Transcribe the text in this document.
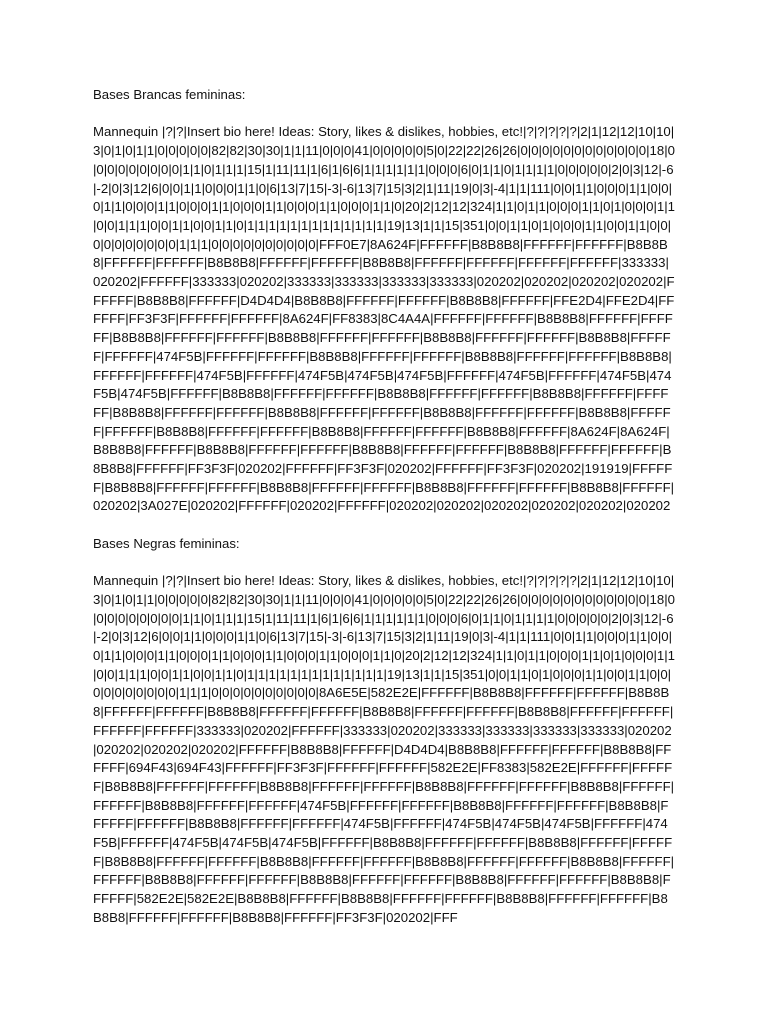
Bases Brancas femininas:

Mannequin |?|?|Insert bio here! Ideas: Story, likes & dislikes, hobbies, etc!|?|?|?|?|?|2|1|12|12|10|10|3|0|1|0|1|1|0|0|0|0|0|82|82|30|30|1|1|11|0|0|0|41|0|0|0|0|0|5|0|22|22|26|26|0|0|0|0|0|0|0|0|0|0|0|0|18|0|0|0|0|0|0|0|0|0|1|1|0|1|1|1|15|1|11|11|1|6|1|6|6|1|1|1|1|1|1|0|0|0|6|0|1|1|0|1|1|1|1|0|0|0|0|0|2|0|3|12|-6|-2|0|3|12|6|0|0|1|1|0|0|0|1|1|0|6|13|7|15|-3|-6|13|7|15|3|2|1|11|19|0|3|-4|1|1|111|0|0|1|1|0|0|0|1|1|0|0|0|1|1|0|0|0|1|1|0|0|0|1|1|0|0|0|1|1|0|0|0|1|1|0|0|0|1|1|0|20|2|12|12|324|1|1|0|1|1|0|0|0|1|1|0|1|0|0|0|1|1|0|0|1|1|1|0|0|1|1|0|0|1|1|0|1|1|1|1|1|1|1|1|1|1|1|1|1|19|13|1|1|15|351|0|0|1|1|0|1|0|0|0|1|1|0|0|1|1|0|0|0|0|0|0|0|0|0|0|1|1|1|0|0|0|0|0|0|0|0|0|0|FFF0E7|8A624F|FFFFFF|B8B8B8|FFFFFF|FFFFFF|B8B8B8|FFFFFF|FFFFFF|B8B8B8|FFFFFF|FFFFFF|B8B8B8|FFFFFF|FFFFFF|FFFFFF|FFFFFF|333333|020202|FFFFFF|333333|020202|333333|333333|333333|333333|020202|020202|020202|020202|FFFFFF|B8B8B8|FFFFFF|D4D4D4|B8B8B8|FFFFFF|FFFFFF|B8B8B8|FFFFFF|FFE2D4|FFE2D4|FFFFFF|FF3F3F|FFFFFF|FFFFFF|8A624F|FF8383|8C4A4A|FFFFFF|FFFFFF|B8B8B8|FFFFFF|FFFFFF|B8B8B8|FFFFFF|FFFFFF|B8B8B8|FFFFFF|FFFFFF|B8B8B8|FFFFFF|FFFFFF|B8B8B8|FFFFFF|FFFFFF|474F5B|FFFFFF|FFFFFF|B8B8B8|FFFFFF|FFFFFF|B8B8B8|FFFFFF|FFFFFF|B8B8B8|FFFFFF|FFFFFF|474F5B|FFFFFF|474F5B|474F5B|474F5B|FFFFFF|474F5B|FFFFFF|474F5B|474F5B|474F5B|FFFFFF|B8B8B8|FFFFFF|FFFFFF|B8B8B8|FFFFFF|FFFFFF|B8B8B8|FFFFFF|FFFFFF|B8B8B8|FFFFFF|FFFFFF|B8B8B8|FFFFFF|FFFFFF|B8B8B8|FFFFFF|FFFFFF|B8B8B8|FFFFFF|FFFFFF|B8B8B8|FFFFFF|FFFFFF|B8B8B8|FFFFFF|FFFFFF|B8B8B8|FFFFFF|8A624F|8A624F|B8B8B8|FFFFFF|B8B8B8|FFFFFF|FFFFFF|B8B8B8|FFFFFF|FFFFFF|B8B8B8|FFFFFF|FFFFFF|B8B8B8|FFFFFF|FF3F3F|020202|FFFFFF|FF3F3F|020202|FFFFFF|FF3F3F|020202|191919|FFFFFF|B8B8B8|FFFFFF|FFFFFF|B8B8B8|FFFFFF|FFFFFF|B8B8B8|FFFFFF|FFFFFF|B8B8B8|FFFFFF|020202|3A027E|020202|FFFFFF|020202|FFFFFF|020202|020202|020202|020202|020202|020202

Bases Negras femininas:

Mannequin |?|?|Insert bio here! Ideas: Story, likes & dislikes, hobbies, etc!|?|?|?|?|?|2|1|12|12|10|10|3|0|1|0|1|1|0|0|0|0|0|82|82|30|30|1|1|11|0|0|0|41|0|0|0|0|0|5|0|22|22|26|26|0|0|0|0|0|0|0|0|0|0|0|0|18|0|0|0|0|0|0|0|0|0|1|1|0|1|1|1|15|1|11|11|1|6|1|6|6|1|1|1|1|1|1|0|0|0|6|0|1|1|0|1|1|1|1|0|0|0|0|0|2|0|3|12|-6|-2|0|3|12|6|0|0|1|1|0|0|0|1|1|0|6|13|7|15|-3|-6|13|7|15|3|2|1|11|19|0|3|-4|1|1|111|0|0|1|1|0|0|0|1|1|0|0|0|1|1|0|0|0|1|1|0|0|0|1|1|0|0|0|1|1|0|0|0|1|1|0|0|0|1|1|0|20|2|12|12|324|1|1|0|1|1|0|0|0|1|1|0|1|0|0|0|1|1|0|0|1|1|1|0|0|1|1|0|0|1|1|0|1|1|1|1|1|1|1|1|1|1|1|1|1|19|13|1|1|15|351|0|0|1|1|0|1|0|0|0|1|1|0|0|1|1|0|0|0|0|0|0|0|0|0|0|1|1|1|0|0|0|0|0|0|0|0|0|0|8A6E5E|582E2E|FFFFFF|B8B8B8|FFFFFF|FFFFFF|B8B8B8|FFFFFF|FFFFFF|B8B8B8|FFFFFF|FFFFFF|B8B8B8|FFFFFF|FFFFFF|B8B8B8|FFFFFF|FFFFFF|FFFFFF|FFFFFF|333333|020202|FFFFFF|333333|020202|333333|333333|333333|333333|020202|020202|020202|020202|FFFFFF|B8B8B8|FFFFFF|D4D4D4|B8B8B8|FFFFFF|FFFFFF|B8B8B8|FFFFFF|694F43|694F43|FFFFFF|FF3F3F|FFFFFF|FFFFFF|582E2E|FF8383|582E2E|FFFFFF|FFFFFF|B8B8B8|FFFFFF|FFFFFF|B8B8B8|FFFFFF|FFFFFF|B8B8B8|FFFFFF|FFFFFF|B8B8B8|FFFFFF|FFFFFF|B8B8B8|FFFFFF|FFFFFF|474F5B|FFFFFF|FFFFFF|B8B8B8|FFFFFF|FFFFFF|B8B8B8|FFFFFF|FFFFFF|B8B8B8|FFFFFF|FFFFFF|474F5B|FFFFFF|474F5B|474F5B|474F5B|FFFFFF|474F5B|FFFFFF|474F5B|474F5B|474F5B|FFFFFF|B8B8B8|FFFFFF|FFFFFF|B8B8B8|FFFFFF|FFFFFF|B8B8B8|FFFFFF|FFFFFF|B8B8B8|FFFFFF|FFFFFF|B8B8B8|FFFFFF|FFFFFF|B8B8B8|FFFFFF|FFFFFF|B8B8B8|FFFFFF|FFFFFF|B8B8B8|FFFFFF|FFFFFF|B8B8B8|FFFFFF|FFFFFF|B8B8B8|FFFFFF|582E2E|582E2E|B8B8B8|FFFFFF|B8B8B8|FFFFFF|FFFFFF|B8B8B8|FFFFFF|FFFFFF|B8B8B8|FFFFFF|FFFFFF|B8B8B8|FFFFFF|FF3F3F|020202|FFF
